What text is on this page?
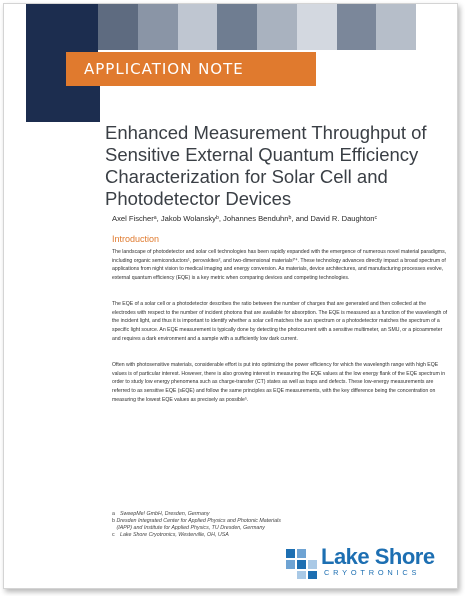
APPLICATION NOTE
Enhanced Measurement Throughput of Sensitive External Quantum Efficiency Characterization for Solar Cell and Photodetector Devices
Axel Fischerᵃ, Jakob Wolanskyᵇ, Johannes Benduhnᵇ, and David R. Daughtonᶜ
Introduction

The landscape of photodetector and solar cell technologies has been rapidly expanded with the emergence of numerous novel material paradigms, including organic semiconductors¹, perovskites², and two-dimensional materials³ʼ⁴. These technology advances directly impact a broad spectrum of applications from night vision to medical imaging and energy conversion. As materials, device architectures, and manufacturing processes evolve, external quantum efficiency (EQE) is a key metric when comparing devices and competing technologies.

The EQE of a solar cell or a photodetector describes the ratio between the number of charges that are generated and then collected at the electrodes with respect to the number of incident photons that are available for absorption. The EQE is measured as a function of the wavelength of the incident light, and thus it is important to identify whether a solar cell matches the sun spectrum or a photodetector matches the spectrum of a specific light source. An EQE measurement is typically done by detecting the photocurrent with a sensitive multimeter, an SMU, or a picoammeter and requires a dark environment and a sample with a sufficiently low dark current.

Often with photosensitive materials, considerable effort is put into optimizing the power efficiency for which the wavelength range with high EQE values is of particular interest. However, there is also growing interest in measuring the EQE values at the low energy flank of the EQE spectrum in order to study low energy phenomena such as charge-transfer (CT) states as well as traps and defects. These low-energy measurements are referred to as sensitive EQE (sEQE) and follow the same principles as EQE measurements, with the key difference being the concentration on measuring the lowest EQE values as precisely as possible⁵.

a SweepMe! GmbH, Dresden, Germany
b Dresden Integrated Center for Applied Physics and Photonic Materials (IAPP) and Institute for Applied Physics, TU Dresden, Germany
c	Lake Shore Cryotronics, Westerville, OH, USA
Lake Shore
CRYOTRONICS
